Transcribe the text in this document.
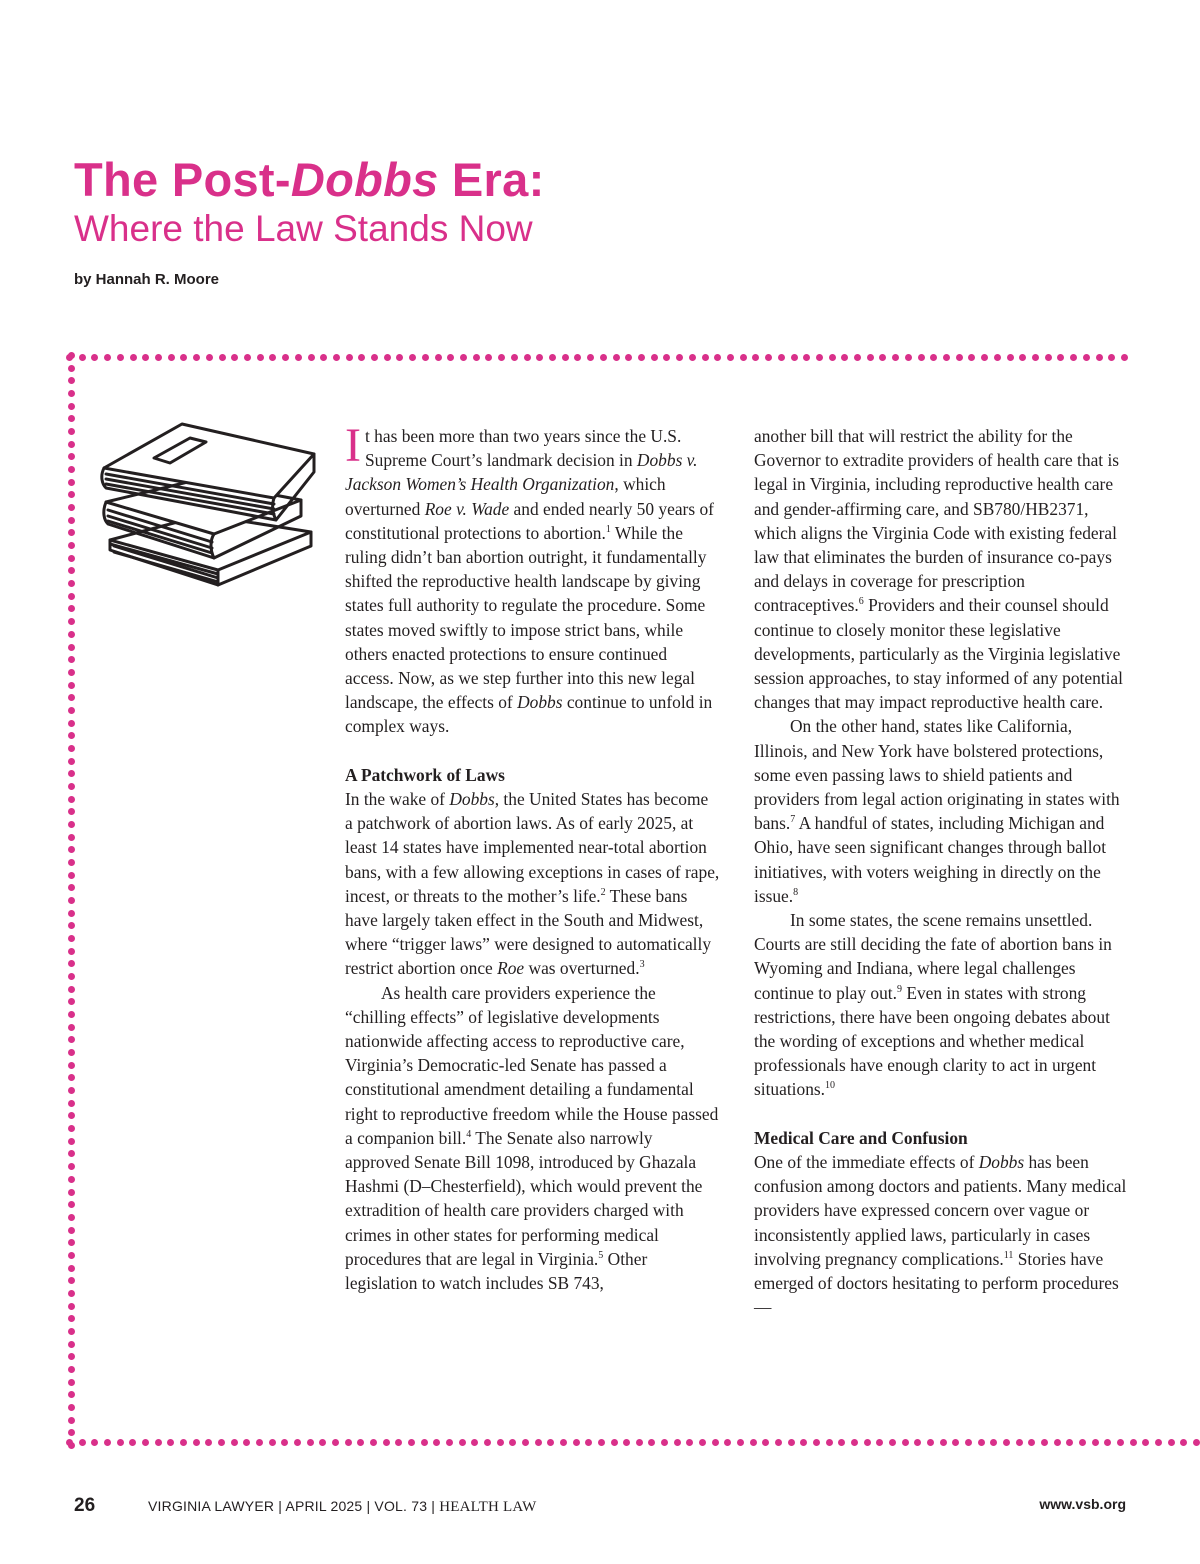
The Post-Dobbs Era:
Where the Law Stands Now
by Hannah R. Moore

It has been more than two years since the U.S. Supreme Court’s landmark decision in Dobbs v. Jackson Women’s Health Organization, which overturned Roe v. Wade and ended nearly 50 years of constitutional protections to abortion.$^1$ While the ruling didn’t ban abortion outright, it fundamentally shifted the reproductive health landscape by giving states full authority to regulate the procedure. Some states moved swiftly to impose strict bans, while others enacted protections to ensure continued access. Now, as we step further into this new legal landscape, the effects of Dobbs continue to unfold in complex ways.

A Patchwork of Laws

In the wake of Dobbs, the United States has become a patchwork of abortion laws. As of early 2025, at least 14 states have implemented near-total abortion bans, with a few allowing exceptions in cases of rape, incest, or threats to the mother’s life.$^2$ These bans have largely taken effect in the South and Midwest, where “trigger laws” were designed to automatically restrict abortion once Roe was overturned.$^3$

As health care providers experience the “chilling effects” of legislative developments nationwide affecting access to reproductive care, Virginia’s Democratic-led Senate has passed a constitutional amendment detailing a fundamental right to reproductive freedom while the House passed a companion bill.$^4$ The Senate also narrowly approved Senate Bill 1098, introduced by Ghazala Hashmi (D–Chesterfield), which would prevent the extradition of health care providers charged with crimes in other states for performing medical procedures that are legal in Virginia.$^5$ Other legislation to watch includes SB 743,

another bill that will restrict the ability for the Governor to extradite providers of health care that is legal in Virginia, including reproductive health care and gender-affirming care, and SB780/HB2371, which aligns the Virginia Code with existing federal law that eliminates the burden of insurance co-pays and delays in coverage for prescription contraceptives.$^6$ Providers and their counsel should continue to closely monitor these legislative developments, particularly as the Virginia legislative session approaches, to stay informed of any potential changes that may impact reproductive health care.

On the other hand, states like California, Illinois, and New York have bolstered protections, some even passing laws to shield patients and providers from legal action originating in states with bans.$^7$ A handful of states, including Michigan and Ohio, have seen significant changes through ballot initiatives, with voters weighing in directly on the issue.$^8$

In some states, the scene remains unsettled. Courts are still deciding the fate of abortion bans in Wyoming and Indiana, where legal challenges continue to play out.$^9$ Even in states with strong restrictions, there have been ongoing debates about the wording of exceptions and whether medical professionals have enough clarity to act in urgent situations.$^{10}$

Medical Care and Confusion

One of the immediate effects of Dobbs has been confusion among doctors and patients. Many medical providers have expressed concern over vague or inconsistently applied laws, particularly in cases involving pregnancy complications.$^{11}$ Stories have emerged of doctors hesitating to perform procedures—

26	VIRGINIA LAWYER | APRIL 2025 | VOL. 73 | HEALTH LAW	www.vsb.org
